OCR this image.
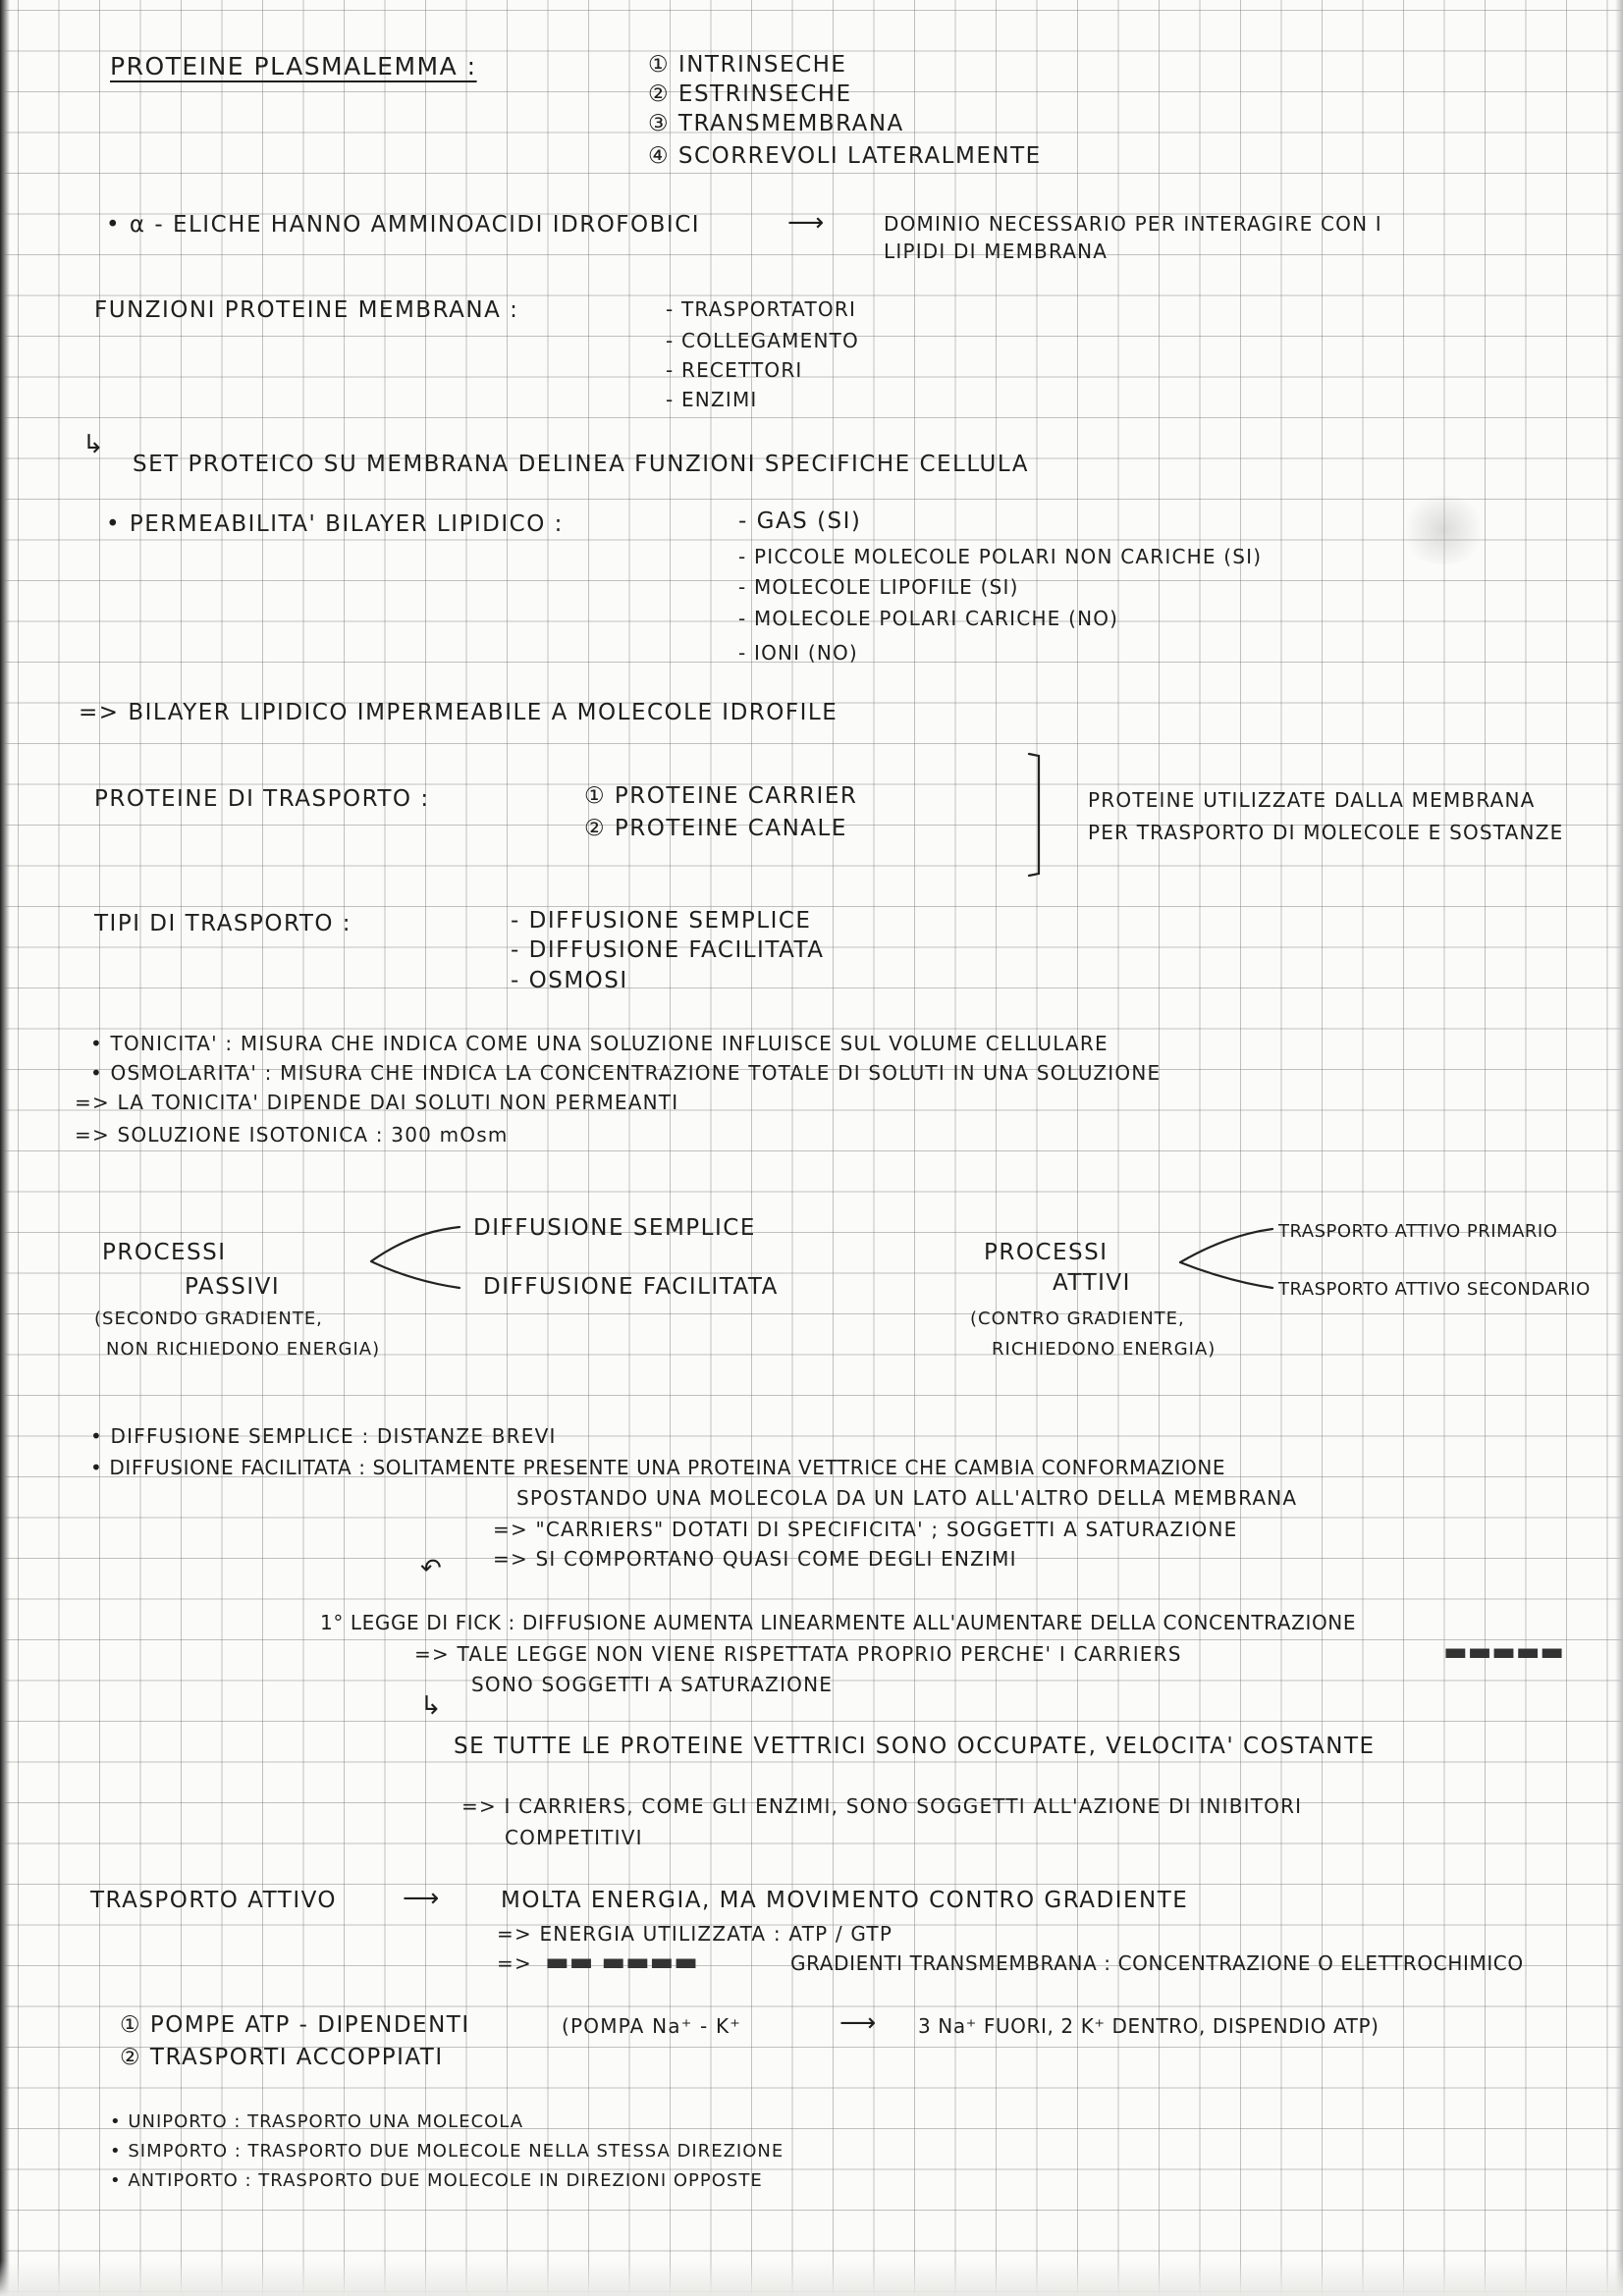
PROTEINE PLASMALEMMA :	① INTRINSECHE
② ESTRINSECHE
③ TRANSMEMBRANA
④ SCORREVOLI LATERALMENTE
• α - ELICHE HANNO AMMINOACIDI IDROFOBICI	⟶	DOMINIO NECESSARIO PER INTERAGIRE CON I
LIPIDI DI MEMBRANA
FUNZIONI PROTEINE MEMBRANA :	- TRASPORTATORI
- COLLEGAMENTO
- RECETTORI
- ENZIMI
↳
SET PROTEICO SU MEMBRANA DELINEA FUNZIONI SPECIFICHE CELLULA
• PERMEABILITA' BILAYER LIPIDICO :	- GAS (SI)
- PICCOLE MOLECOLE POLARI NON CARICHE (SI)
- MOLECOLE LIPOFILE (SI)
- MOLECOLE POLARI CARICHE (NO)
- IONI (NO)
=> BILAYER LIPIDICO IMPERMEABILE A MOLECOLE IDROFILE
PROTEINE DI TRASPORTO :	① PROTEINE CARRIER
② PROTEINE CANALE
PROTEINE UTILIZZATE DALLA MEMBRANA
PER TRASPORTO DI MOLECOLE E SOSTANZE
TIPI DI TRASPORTO :	- DIFFUSIONE SEMPLICE
- DIFFUSIONE FACILITATA
- OSMOSI
• TONICITA' : MISURA CHE INDICA COME UNA SOLUZIONE INFLUISCE SUL VOLUME CELLULARE
• OSMOLARITA' : MISURA CHE INDICA LA CONCENTRAZIONE TOTALE DI SOLUTI IN UNA SOLUZIONE
=> LA TONICITA' DIPENDE DAI SOLUTI NON PERMEANTI
=> SOLUZIONE ISOTONICA : 300 mOsm
PROCESSI
PASSIVI
(SECONDO GRADIENTE,
NON RICHIEDONO ENERGIA)
DIFFUSIONE SEMPLICE
DIFFUSIONE FACILITATA
PROCESSI
ATTIVI
(CONTRO GRADIENTE,
RICHIEDONO ENERGIA)
TRASPORTO ATTIVO PRIMARIO
TRASPORTO ATTIVO SECONDARIO
• DIFFUSIONE SEMPLICE : DISTANZE BREVI
• DIFFUSIONE FACILITATA : SOLITAMENTE PRESENTE UNA PROTEINA VETTRICE CHE CAMBIA CONFORMAZIONE
SPOSTANDO UNA MOLECOLA DA UN LATO ALL'ALTRO DELLA MEMBRANA
=> "CARRIERS" DOTATI DI SPECIFICITA' ; SOGGETTI A SATURAZIONE
=> SI COMPORTANO QUASI COME DEGLI ENZIMI
↶
1° LEGGE DI FICK : DIFFUSIONE AUMENTA LINEARMENTE ALL'AUMENTARE DELLA CONCENTRAZIONE
=> TALE LEGGE NON VIENE RISPETTATA PROPRIO PERCHE' I CARRIERS	▬▬▬▬▬
SONO SOGGETTI A SATURAZIONE
↳
SE TUTTE LE PROTEINE VETTRICI SONO OCCUPATE, VELOCITA' COSTANTE
=> I CARRIERS, COME GLI ENZIMI, SONO SOGGETTI ALL'AZIONE DI INIBITORI
COMPETITIVI
TRASPORTO ATTIVO	⟶	MOLTA ENERGIA, MA MOVIMENTO CONTRO GRADIENTE
=> ENERGIA UTILIZZATA : ATP / GTP
=> ▬▬ ▬▬▬▬	GRADIENTI TRANSMEMBRANA : CONCENTRAZIONE O ELETTROCHIMICO
① POMPE ATP - DIPENDENTI	(POMPA Na⁺ - K⁺	⟶ 3 Na⁺ FUORI, 2 K⁺ DENTRO, DISPENDIO ATP)
② TRASPORTI ACCOPPIATI
• UNIPORTO : TRASPORTO UNA MOLECOLA
• SIMPORTO : TRASPORTO DUE MOLECOLE NELLA STESSA DIREZIONE
• ANTIPORTO : TRASPORTO DUE MOLECOLE IN DIREZIONI OPPOSTE
